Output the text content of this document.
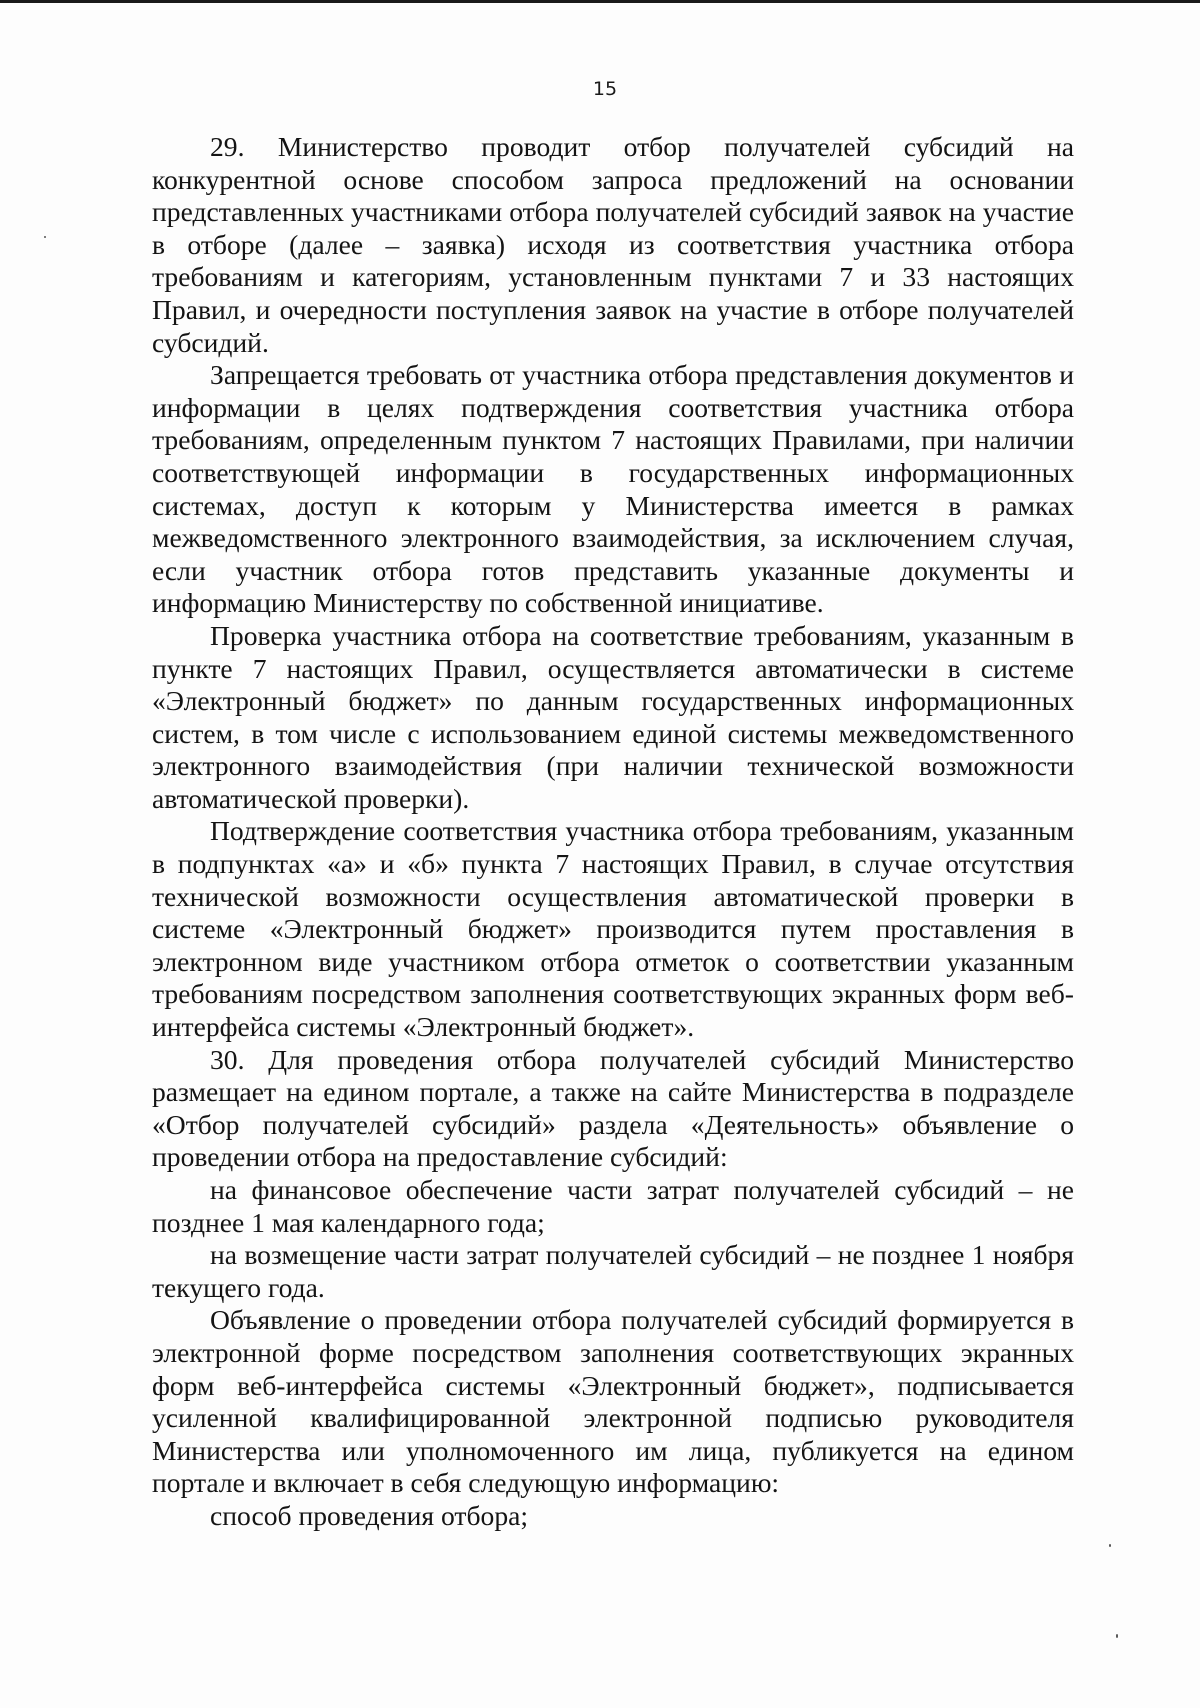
15

29. Министерство проводит отбор получателей субсидий на конкурентной основе способом запроса предложений на основании представленных участниками отбора получателей субсидий заявок на участие в отборе (далее – заявка) исходя из соответствия участника отбора требованиям и категориям, установленным пунктами 7 и 33 настоящих Правил, и очередности поступления заявок на участие в отборе получателей субсидий.

Запрещается требовать от участника отбора представления документов и информации в целях подтверждения соответствия участника отбора требованиям, определенным пунктом 7 настоящих Правилами, при наличии соответствующей информации в государственных информационных системах, доступ к которым у Министерства имеется в рамках межведомственного электронного взаимодействия, за исключением случая, если участник отбора готов представить указанные документы и информацию Министерству по собственной инициативе.

Проверка участника отбора на соответствие требованиям, указанным в пункте 7 настоящих Правил, осуществляется автоматически в системе «Электронный бюджет» по данным государственных информационных систем, в том числе с использованием единой системы межведомственного электронного взаимодействия (при наличии технической возможности автоматической проверки).

Подтверждение соответствия участника отбора требованиям, указанным в подпунктах «а» и «б» пункта 7 настоящих Правил, в случае отсутствия технической возможности осуществления автоматической проверки в системе «Электронный бюджет» производится путем проставления в электронном виде участником отбора отметок о соответствии указанным требованиям посредством заполнения соответствующих экранных форм веб-интерфейса системы «Электронный бюджет».

30. Для проведения отбора получателей субсидий Министерство размещает на едином портале, а также на сайте Министерства в подразделе «Отбор получателей субсидий» раздела «Деятельность» объявление о проведении отбора на предоставление субсидий:

на финансовое обеспечение части затрат получателей субсидий – не позднее 1 мая календарного года;

на возмещение части затрат получателей субсидий – не позднее 1 ноября текущего года.

Объявление о проведении отбора получателей субсидий формируется в электронной форме посредством заполнения соответствующих экранных форм веб-интерфейса системы «Электронный бюджет», подписывается усиленной квалифицированной электронной подписью руководителя Министерства или уполномоченного им лица, публикуется на едином портале и включает в себя следующую информацию:

способ проведения отбора;
